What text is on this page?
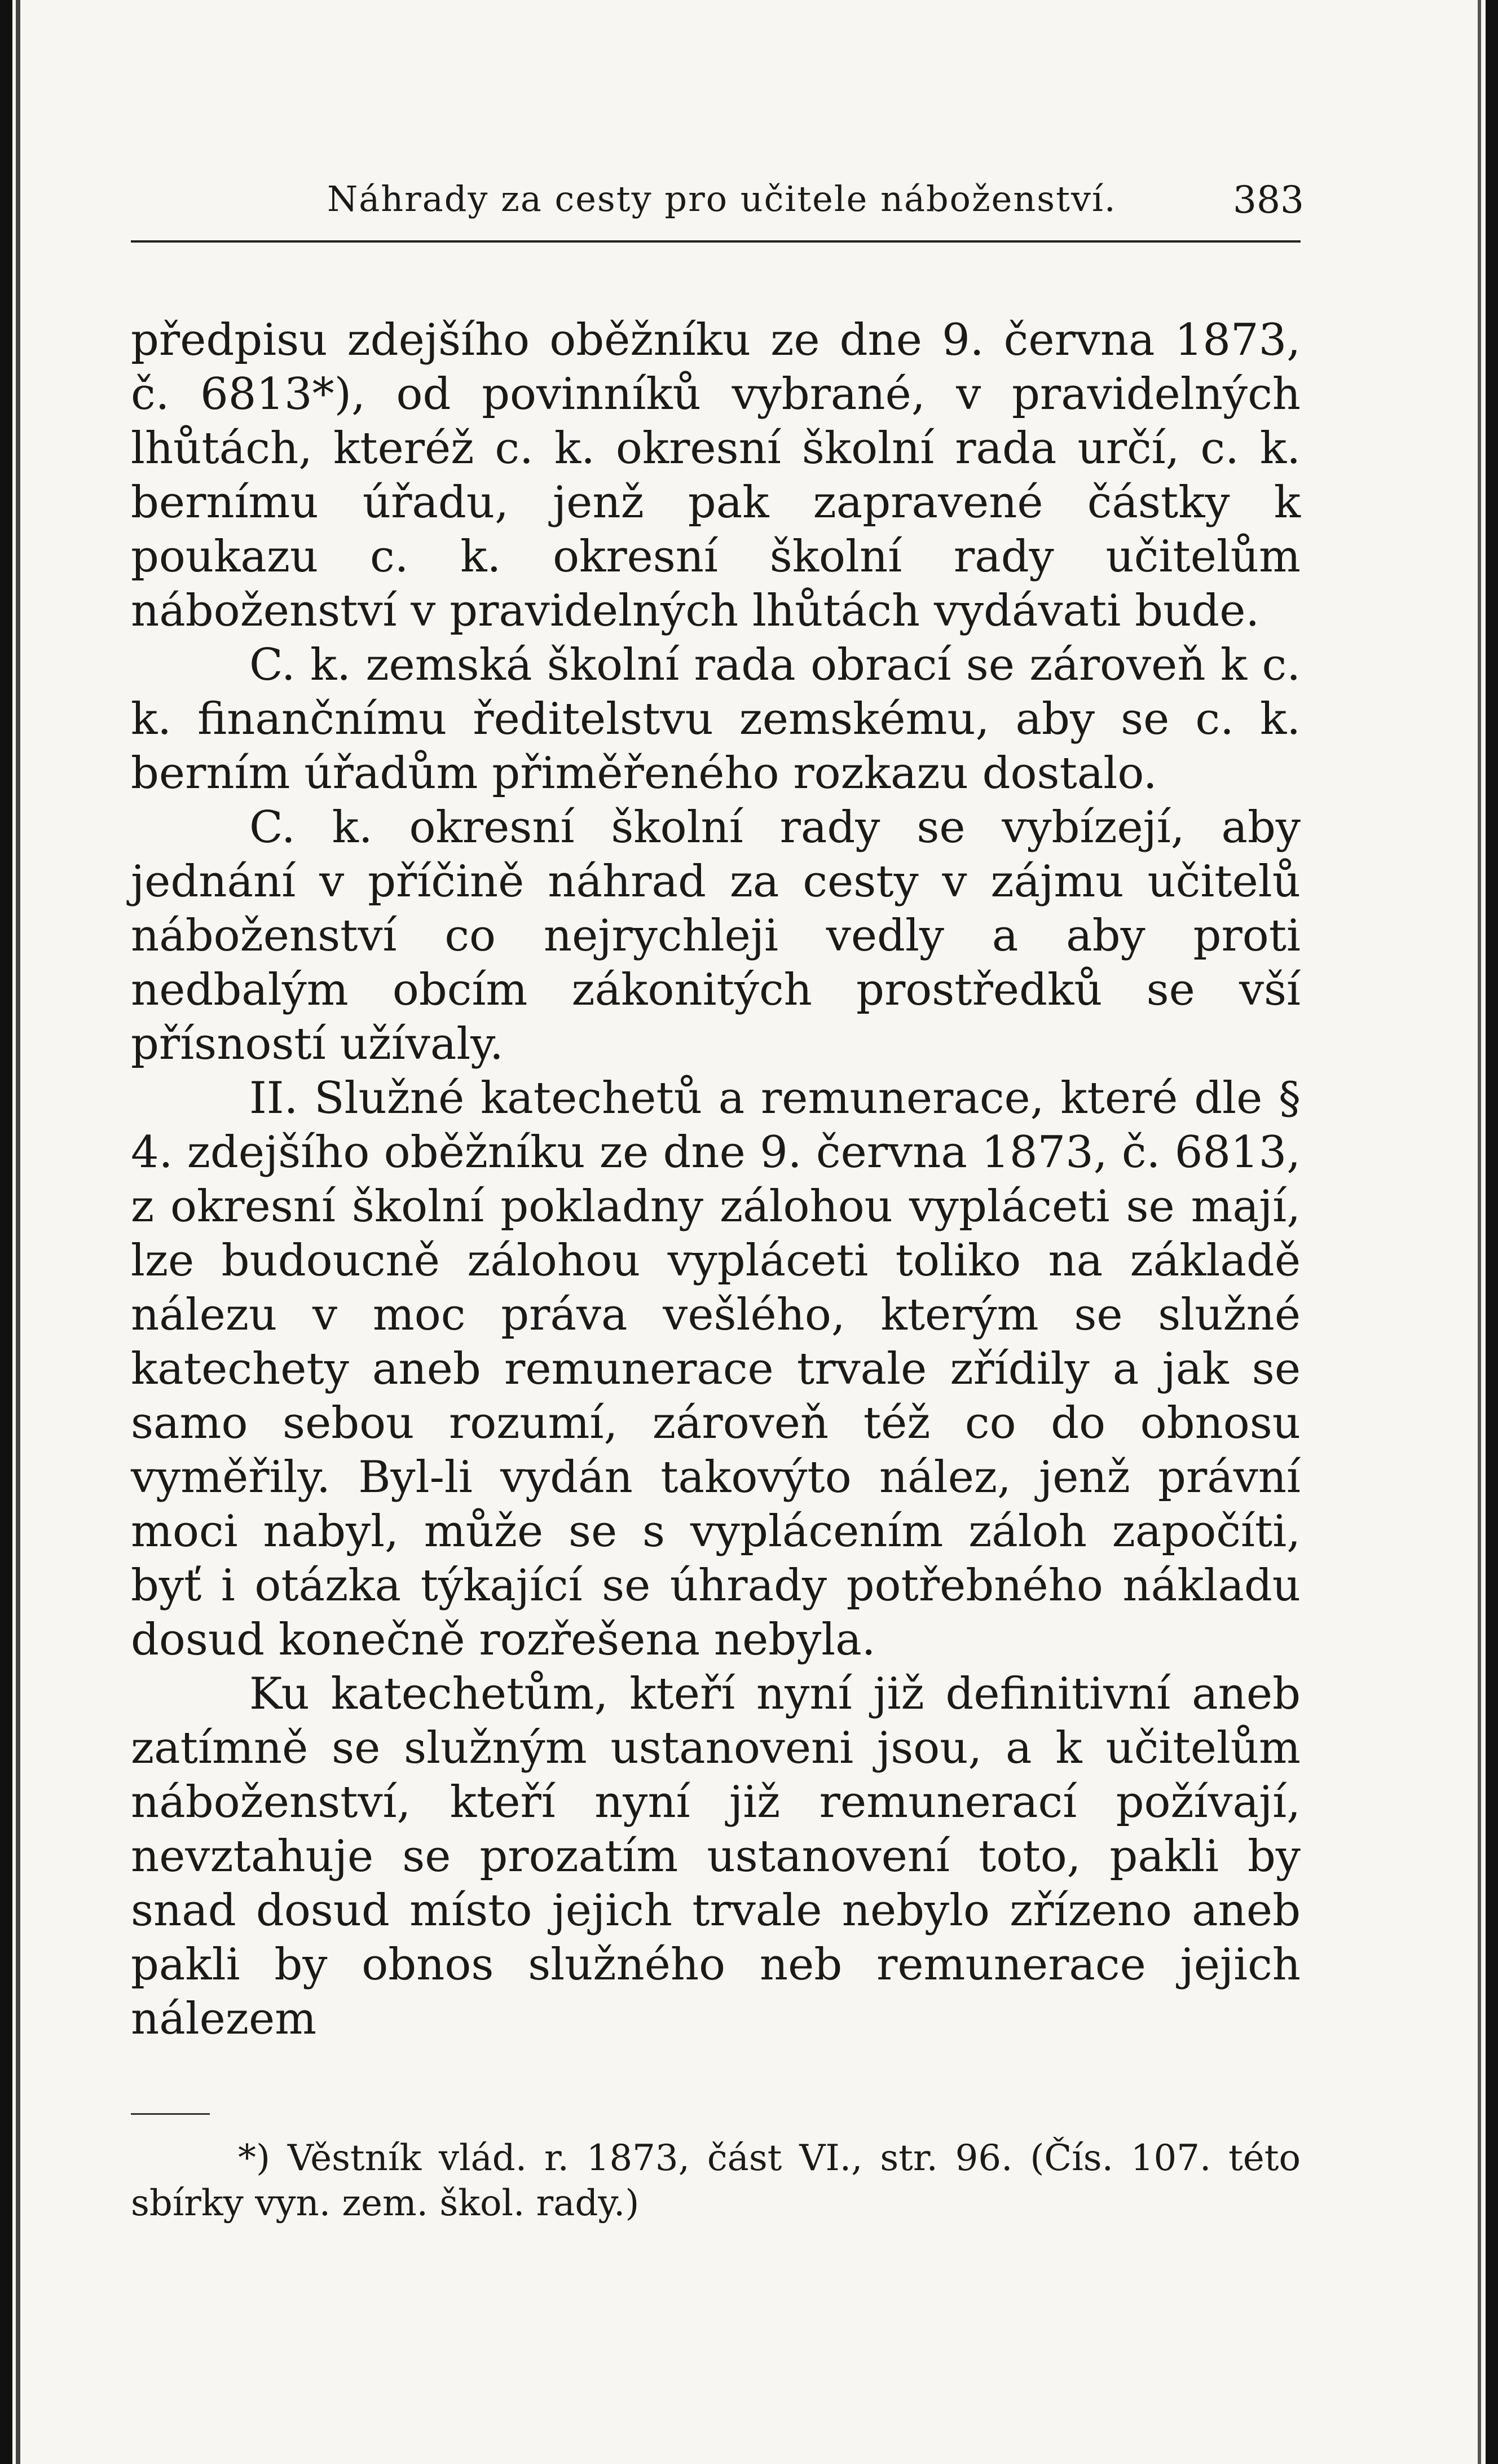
Náhrady za cesty pro učitele náboženství.	383

předpisu zdejšího oběžníku ze dne 9. června 1873, č. 6813*), od povinníků vybrané, v pravidelných lhůtách, kteréž c. k. okresní školní rada určí, c. k. bernímu úřadu, jenž pak zapravené částky k poukazu c. k. okresní školní rady učitelům náboženství v pravidelných lhůtách vydávati bude.

C. k. zemská školní rada obrací se zároveň k c. k. finančnímu ředitelstvu zemskému, aby se c. k. berním úřadům přiměřeného rozkazu dostalo.

C. k. okresní školní rady se vybízejí, aby jednání v příčině náhrad za cesty v zájmu učitelů náboženství co nejrychleji vedly a aby proti nedbalým obcím zákonitých prostředků se vší přísností užívaly.

II. Služné katechetů a remunerace, které dle § 4. zdejšího oběžníku ze dne 9. června 1873, č. 6813, z okresní školní pokladny zálohou vypláceti se mají, lze budoucně zálohou vypláceti toliko na základě nálezu v moc práva vešlého, kterým se služné katechety aneb remunerace trvale zřídily a jak se samo sebou rozumí, zároveň též co do obnosu vyměřily. Byl-li vydán takovýto nález, jenž právní moci nabyl, může se s vyplácením záloh započíti, byť i otázka týkající se úhrady potřebného nákladu dosud konečně rozřešena nebyla.

Ku katechetům, kteří nyní již definitivní aneb zatímně se služným ustanoveni jsou, a k učitelům náboženství, kteří nyní již remunerací požívají, nevztahuje se prozatím ustanovení toto, pakli by snad dosud místo jejich trvale nebylo zřízeno aneb pakli by obnos služného neb remunerace jejich nálezem

*) Věstník vlád. r. 1873, část VI., str. 96. (Čís. 107. této sbírky vyn. zem. škol. rady.)
